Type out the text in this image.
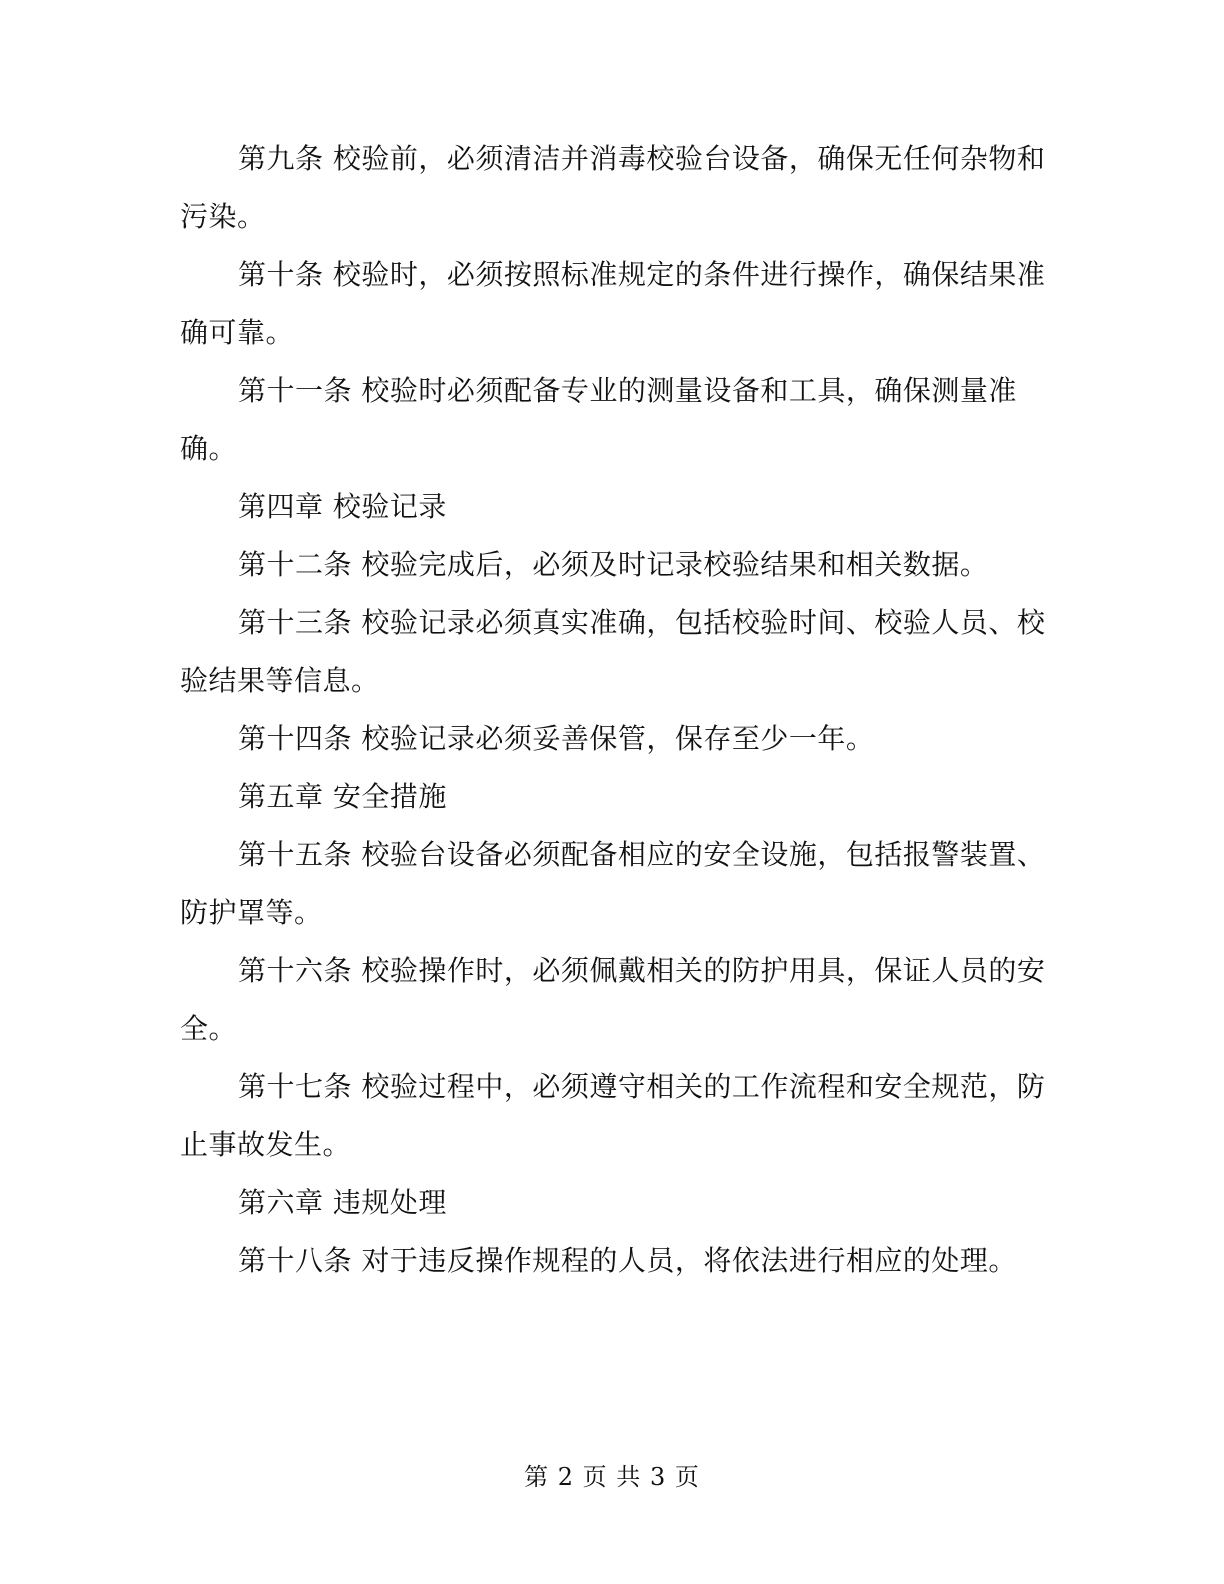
第九条 校验前，必须清洁并消毒校验台设备，确保无任何杂物和污染。

第十条 校验时，必须按照标准规定的条件进行操作，确保结果准确可靠。

第十一条 校验时必须配备专业的测量设备和工具，确保测量准确。

第四章 校验记录

第十二条 校验完成后，必须及时记录校验结果和相关数据。

第十三条 校验记录必须真实准确，包括校验时间、校验人员、校验结果等信息。

第十四条 校验记录必须妥善保管，保存至少一年。

第五章 安全措施

第十五条 校验台设备必须配备相应的安全设施，包括报警装置、防护罩等。

第十六条 校验操作时，必须佩戴相关的防护用具，保证人员的安全。

第十七条 校验过程中，必须遵守相关的工作流程和安全规范，防止事故发生。

第六章 违规处理

第十八条 对于违反操作规程的人员，将依法进行相应的处理。

第 2 页 共 3 页
